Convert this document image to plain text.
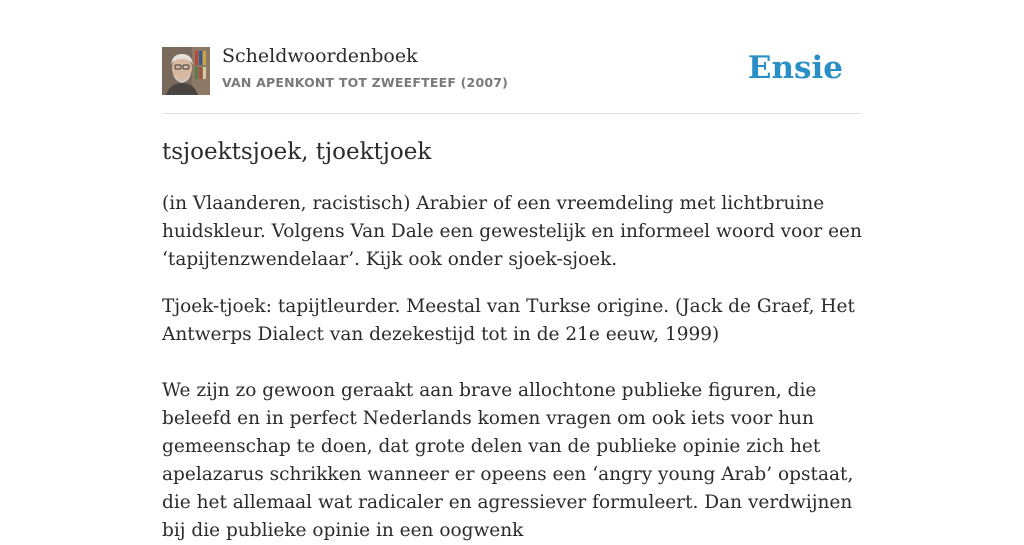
Scheldwoordenboek
VAN APENKONT TOT ZWEEFTEEF (2007)	Ensie
tsjoektsjoek, tjoektjoek

(in Vlaanderen, racistisch) Arabier of een vreemdeling met lichtbruine huidskleur. Volgens Van Dale een gewestelijk en informeel woord voor een ‘tapijtenzwendelaar’. Kijk ook onder sjoek-sjoek.

Tjoek-tjoek: tapijtleurder. Meestal van Turkse origine. (Jack de Graef, Het Antwerps Dialect van dezekestijd tot in de 21e eeuw, 1999)

We zijn zo gewoon geraakt aan brave allochtone publieke figuren, die beleefd en in perfect Nederlands komen vragen om ook iets voor hun gemeenschap te doen, dat grote delen van de publieke opinie zich het apelazarus schrikken wanneer er opeens een ‘angry young Arab’ opstaat, die het allemaal wat radicaler en agressiever formuleert. Dan verdwijnen bij die publieke opinie in een oogwenk
